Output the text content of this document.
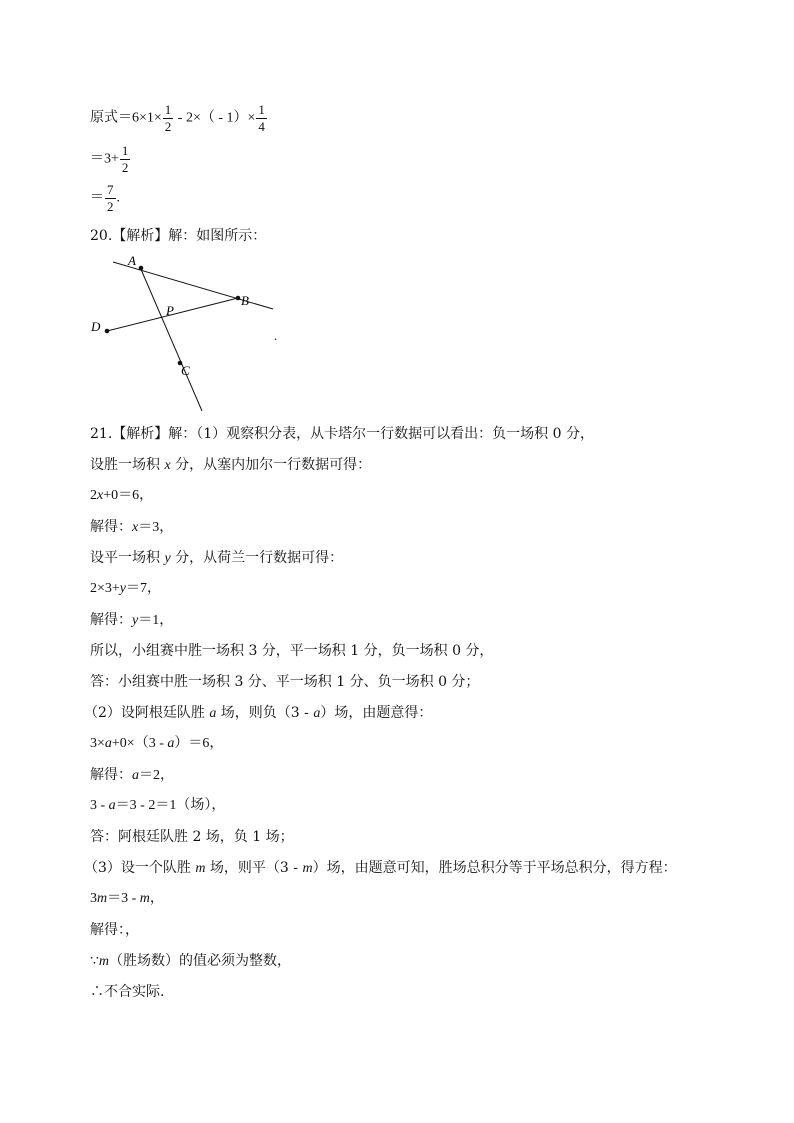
原式$=6\times 1\times \frac{1}{2} - 2\times( - 1)\times \frac{1}{4}$
$=3+ \frac{1}{2}$
＝ $\frac{7}{2}$ .
20.【解析】解：如图所示：
A
B
C
D
P
.
21.【解析】解：（1）观察积分表，从卡塔尔一行数据可以看出：负一场积 0 分，
设胜一场积 x 分，从塞内加尔一行数据可得：
2x+0＝6，
解得：x＝3，
设平一场积 y 分，从荷兰一行数据可得：
2×3+y＝7，
解得：y＝1，
所以，小组赛中胜一场积 3 分，平一场积 1 分，负一场积 0 分，
答：小组赛中胜一场积 3 分、平一场积 1 分、负一场积 0 分；
（2）设阿根廷队胜 a 场，则负（3 - a）场，由题意得：
3×a+0×（3 - a）＝6，
解得：a＝2，
3 - a＝3 - 2＝1（场），
答：阿根廷队胜 2 场，负 1 场；
（3）设一个队胜 m 场，则平（3 - m）场，由题意可知，胜场总积分等于平场总积分，得方程：
3m＝3 - m，
解得：，
∵m（胜场数）的值必须为整数，
∴不合实际.
